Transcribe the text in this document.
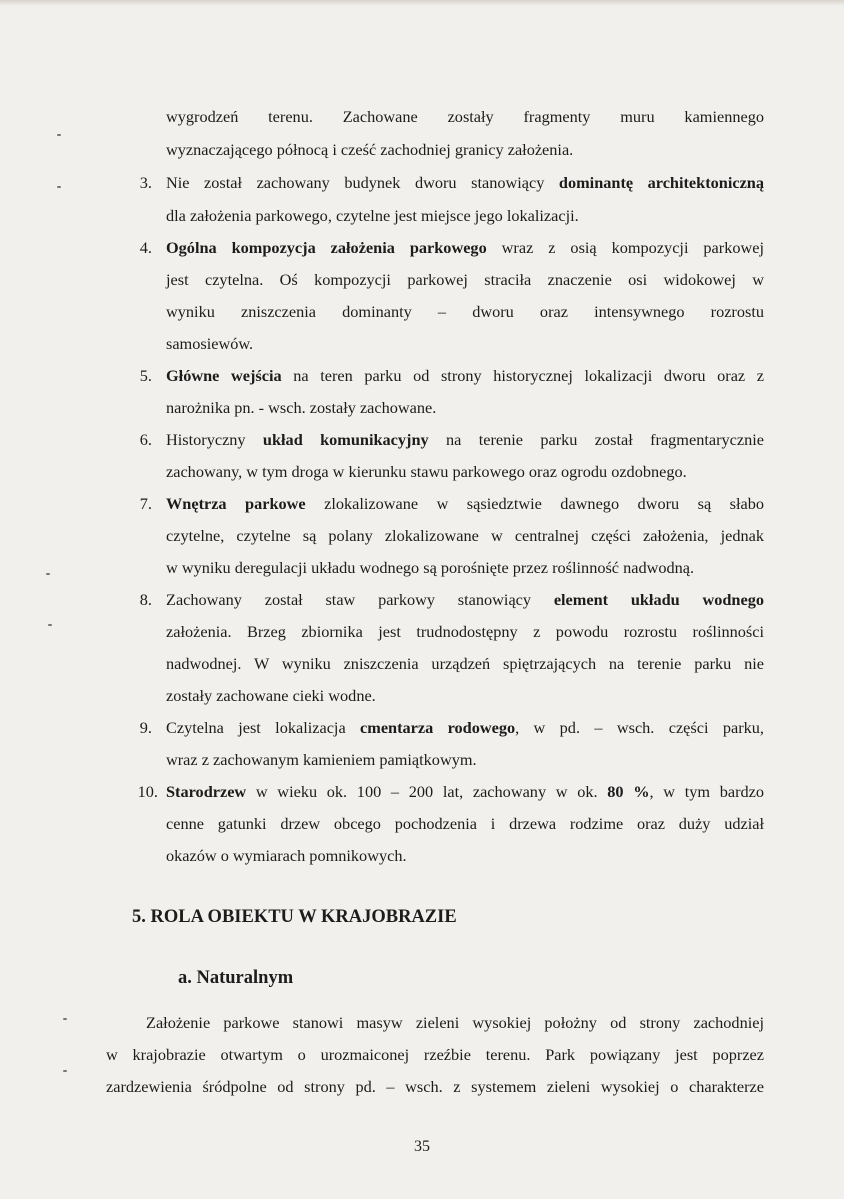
wygrodzeń terenu. Zachowane zostały fragmenty muru kamiennego
wyznaczającego północą i cześć zachodniej granicy założenia.
3. Nie został zachowany budynek dworu stanowiący dominantę architektoniczną
dla założenia parkowego, czytelne jest miejsce jego lokalizacji.
4. Ogólna kompozycja założenia parkowego wraz z osią kompozycji parkowej
jest czytelna. Oś kompozycji parkowej straciła znaczenie osi widokowej w
wyniku zniszczenia dominanty – dworu oraz intensywnego rozrostu
samosiewów.
5. Główne wejścia na teren parku od strony historycznej lokalizacji dworu oraz z
narożnika pn. - wsch. zostały zachowane.
6. Historyczny układ komunikacyjny na terenie parku został fragmentarycznie
zachowany, w tym droga w kierunku stawu parkowego oraz ogrodu ozdobnego.
7. Wnętrza parkowe zlokalizowane w sąsiedztwie dawnego dworu są słabo
czytelne, czytelne są polany zlokalizowane w centralnej części założenia, jednak
w wyniku deregulacji układu wodnego są porośnięte przez roślinność nadwodną.
8. Zachowany został staw parkowy stanowiący element układu wodnego
założenia. Brzeg zbiornika jest trudnodostępny z powodu rozrostu roślinności
nadwodnej. W wyniku zniszczenia urządzeń spiętrzających na terenie parku nie
zostały zachowane cieki wodne.
9. Czytelna jest lokalizacja cmentarza rodowego, w pd. – wsch. części parku,
wraz z zachowanym kamieniem pamiątkowym.
10. Starodrzew w wieku ok. 100 – 200 lat, zachowany w ok. 80 %, w tym bardzo
cenne gatunki drzew obcego pochodzenia i drzewa rodzime oraz duży udział
okazów o wymiarach pomnikowych.
5. ROLA OBIEKTU W KRAJOBRAZIE
a. Naturalnym
Założenie parkowe stanowi masyw zieleni wysokiej położny od strony zachodniej
w krajobrazie otwartym o urozmaiconej rzeźbie terenu. Park powiązany jest poprzez
zardzewienia śródpolne od strony pd. – wsch. z systemem zieleni wysokiej o charakterze
35
